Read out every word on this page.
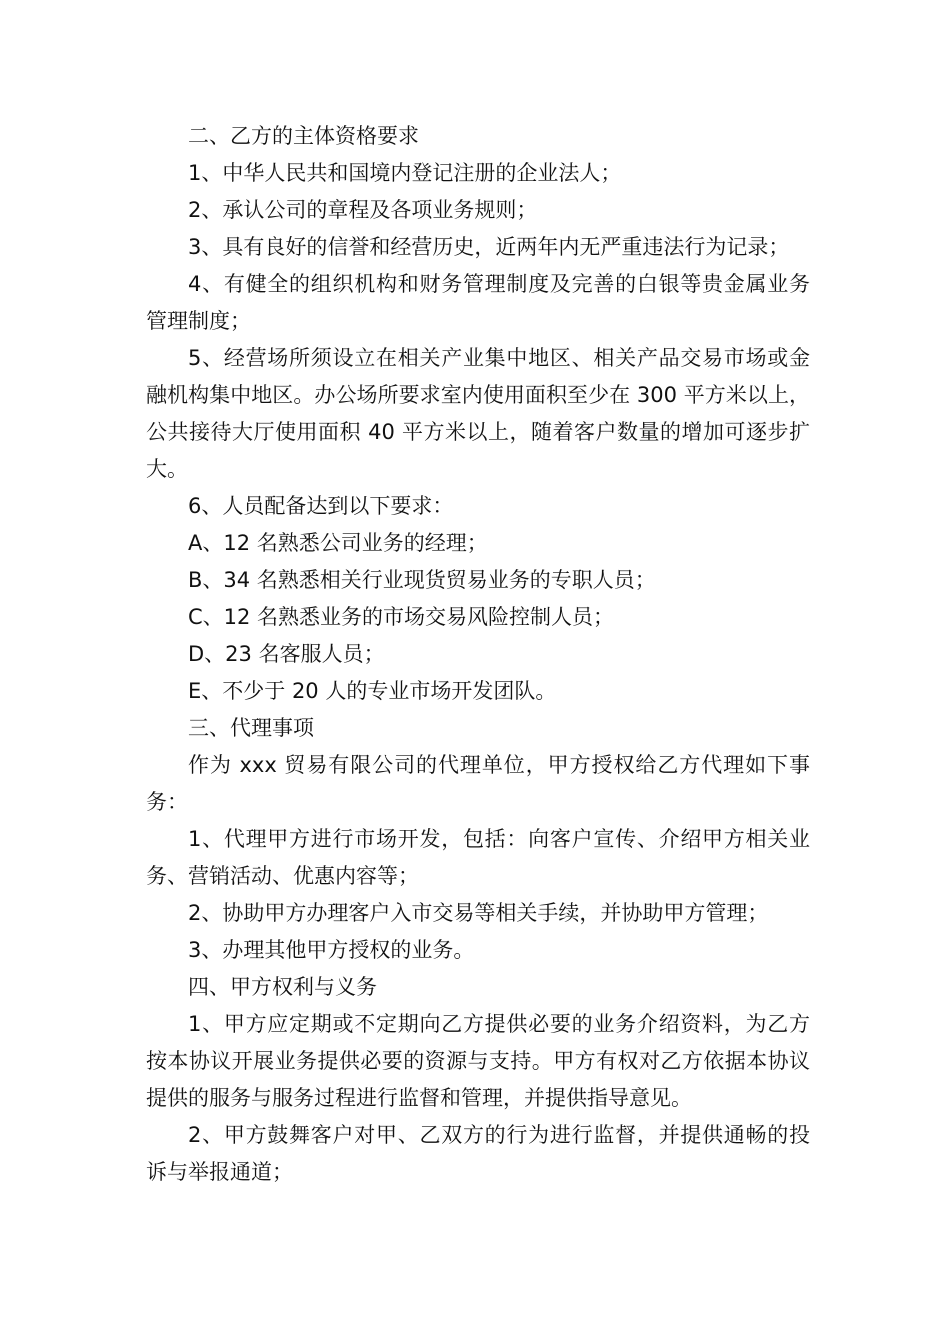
二、乙方的主体资格要求

1、中华人民共和国境内登记注册的企业法人；

2、承认公司的章程及各项业务规则；

3、具有良好的信誉和经营历史，近两年内无严重违法行为记录；

4、有健全的组织机构和财务管理制度及完善的白银等贵金属业务管理制度；

5、经营场所须设立在相关产业集中地区、相关产品交易市场或金融机构集中地区。办公场所要求室内使用面积至少在 300 平方米以上，公共接待大厅使用面积 40 平方米以上，随着客户数量的增加可逐步扩大。

6、人员配备达到以下要求：

A、12 名熟悉公司业务的经理；

B、34 名熟悉相关行业现货贸易业务的专职人员；

C、12 名熟悉业务的市场交易风险控制人员；

D、23 名客服人员；

E、不少于 20 人的专业市场开发团队。

三、代理事项

作为 xxx 贸易有限公司的代理单位，甲方授权给乙方代理如下事务：

1、代理甲方进行市场开发，包括：向客户宣传、介绍甲方相关业务、营销活动、优惠内容等；

2、协助甲方办理客户入市交易等相关手续，并协助甲方管理；

3、办理其他甲方授权的业务。

四、甲方权利与义务

1、甲方应定期或不定期向乙方提供必要的业务介绍资料，为乙方按本协议开展业务提供必要的资源与支持。甲方有权对乙方依据本协议提供的服务与服务过程进行监督和管理，并提供指导意见。

2、甲方鼓舞客户对甲、乙双方的行为进行监督，并提供通畅的投诉与举报通道；
